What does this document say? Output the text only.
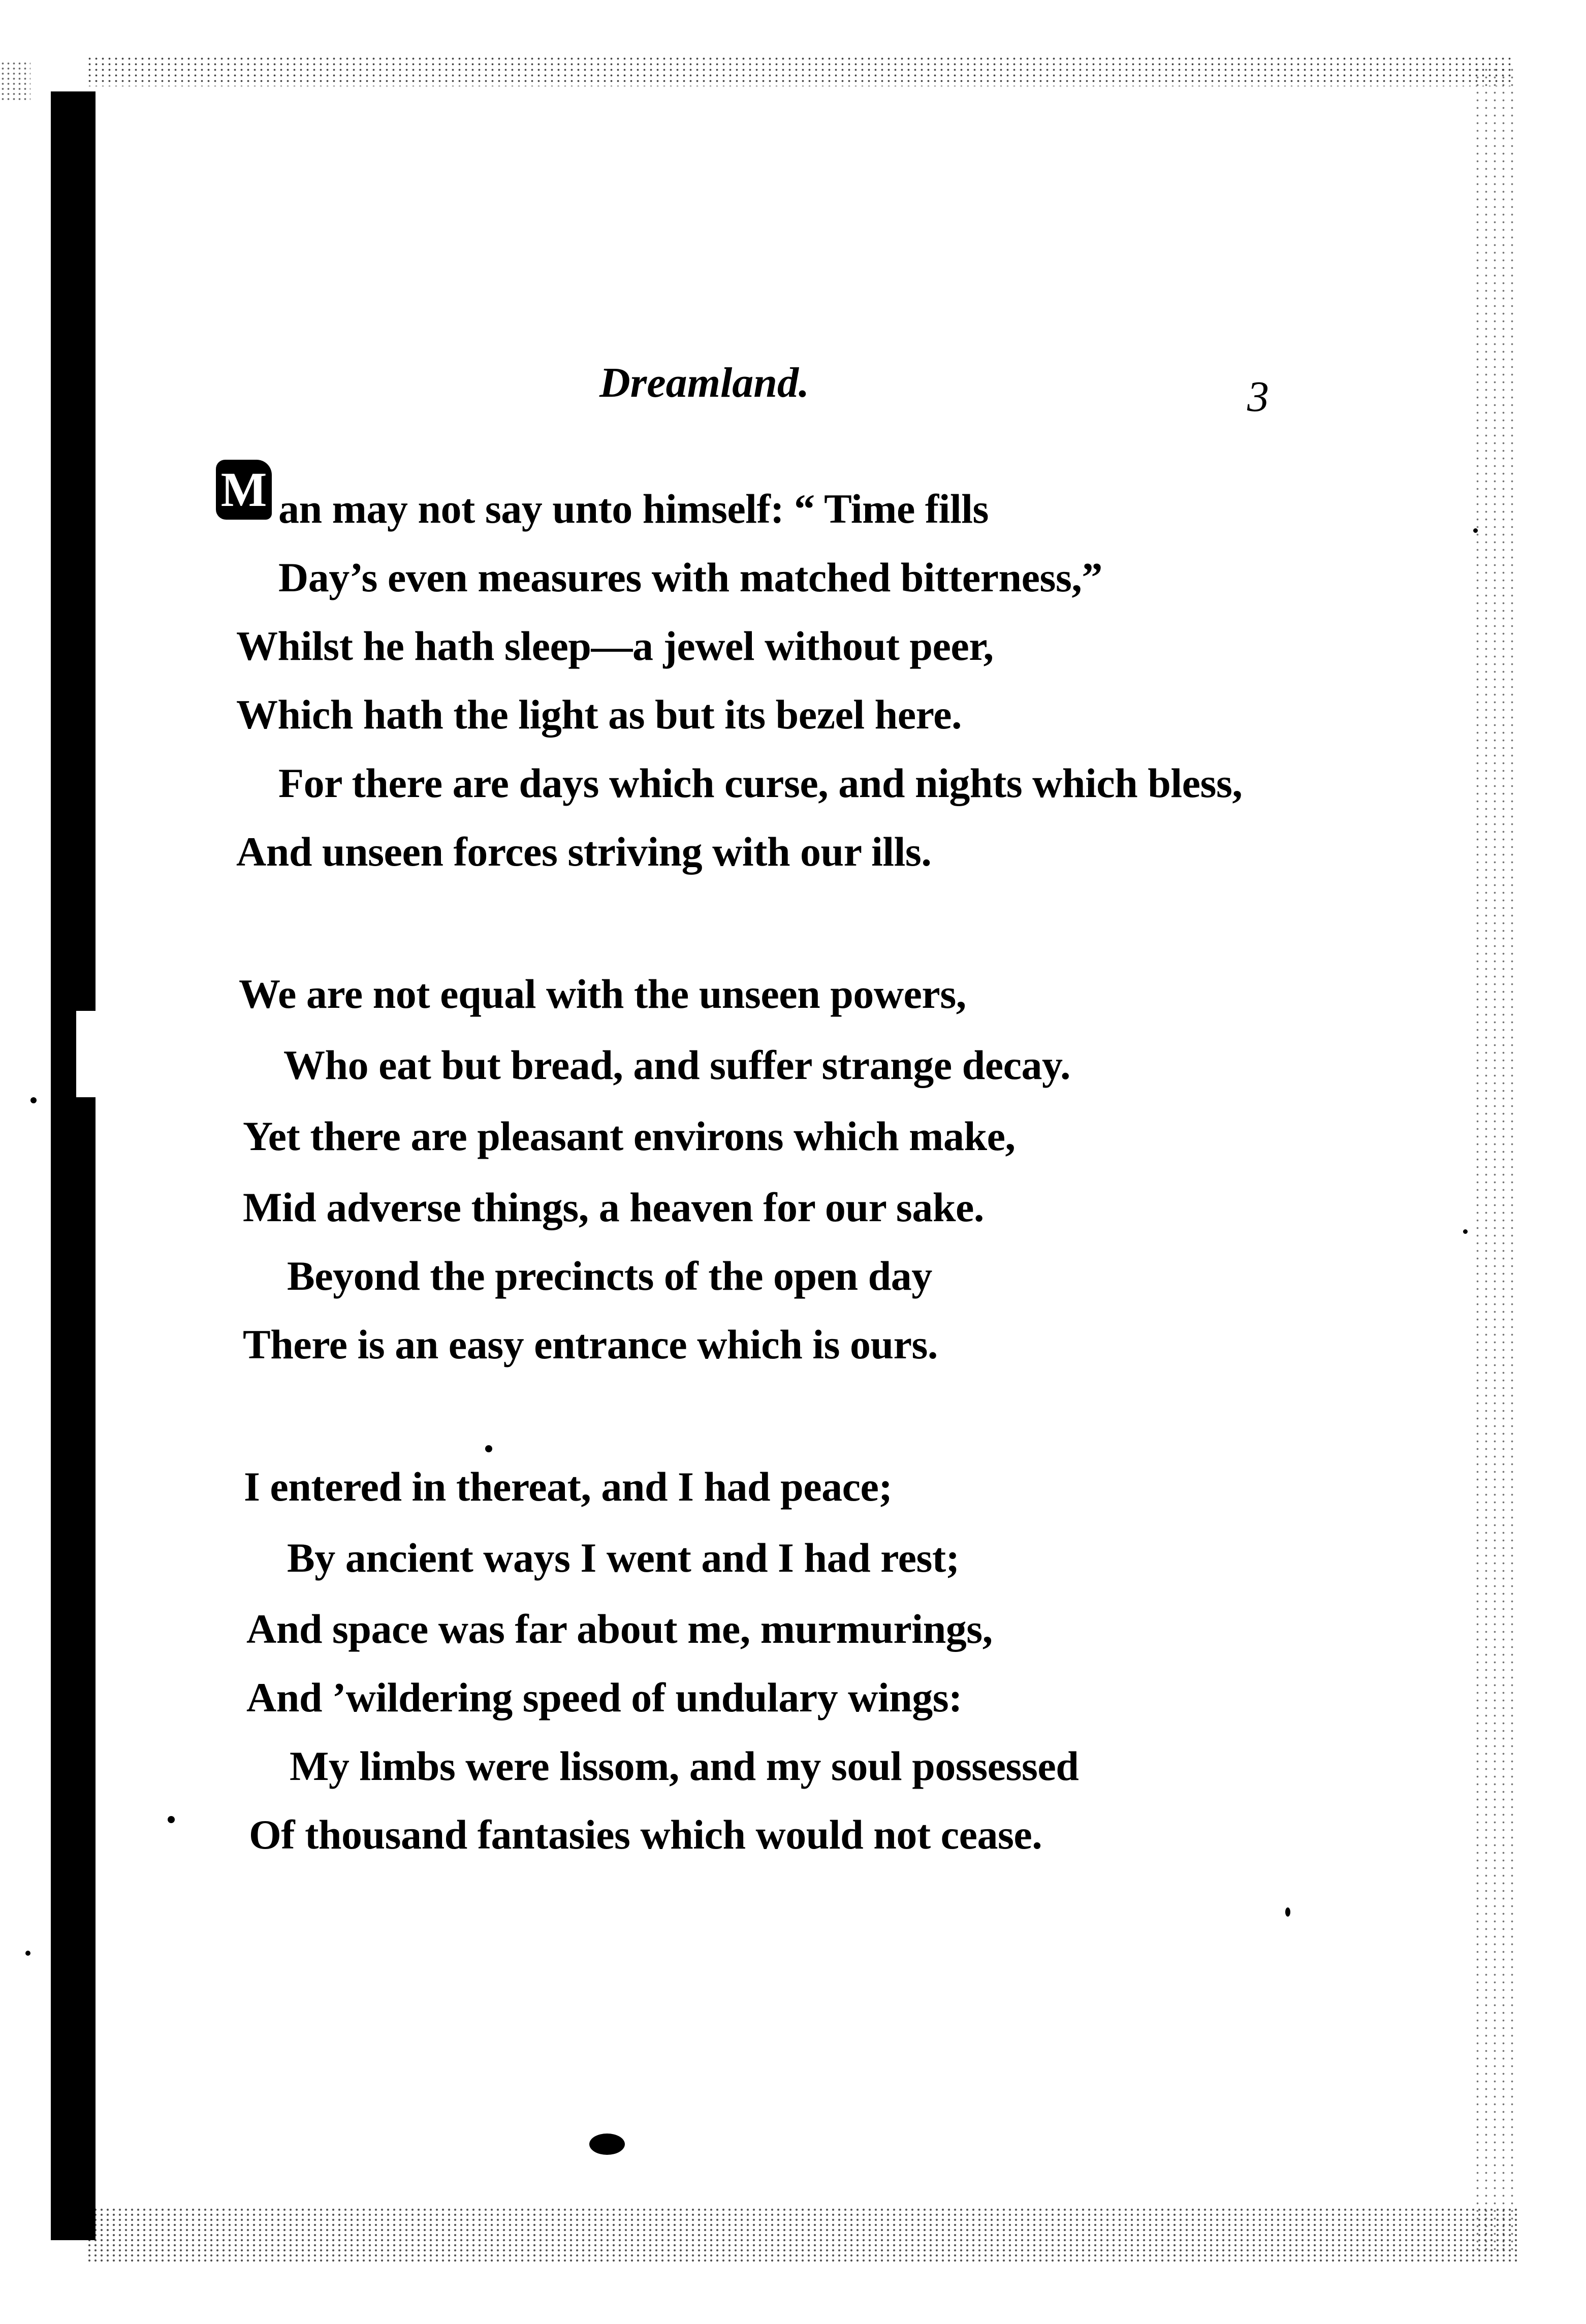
Dreamland.	3
M an may not say unto himself: “ Time fills
Day’s even measures with matched bitterness,”
Whilst he hath sleep—a jewel without peer,
Which hath the light as but its bezel here.
For there are days which curse, and nights which bless,
And unseen forces striving with our ills.
We are not equal with the unseen powers,
Who eat but bread, and suffer strange decay.
Yet there are pleasant environs which make,
Mid adverse things, a heaven for our sake.
Beyond the precincts of the open day
There is an easy entrance which is ours.
I entered in thereat, and I had peace;
By ancient ways I went and I had rest;
And space was far about me, murmurings,
And ’wildering speed of undulary wings:
My limbs were lissom, and my soul possessed
Of thousand fantasies which would not cease.
